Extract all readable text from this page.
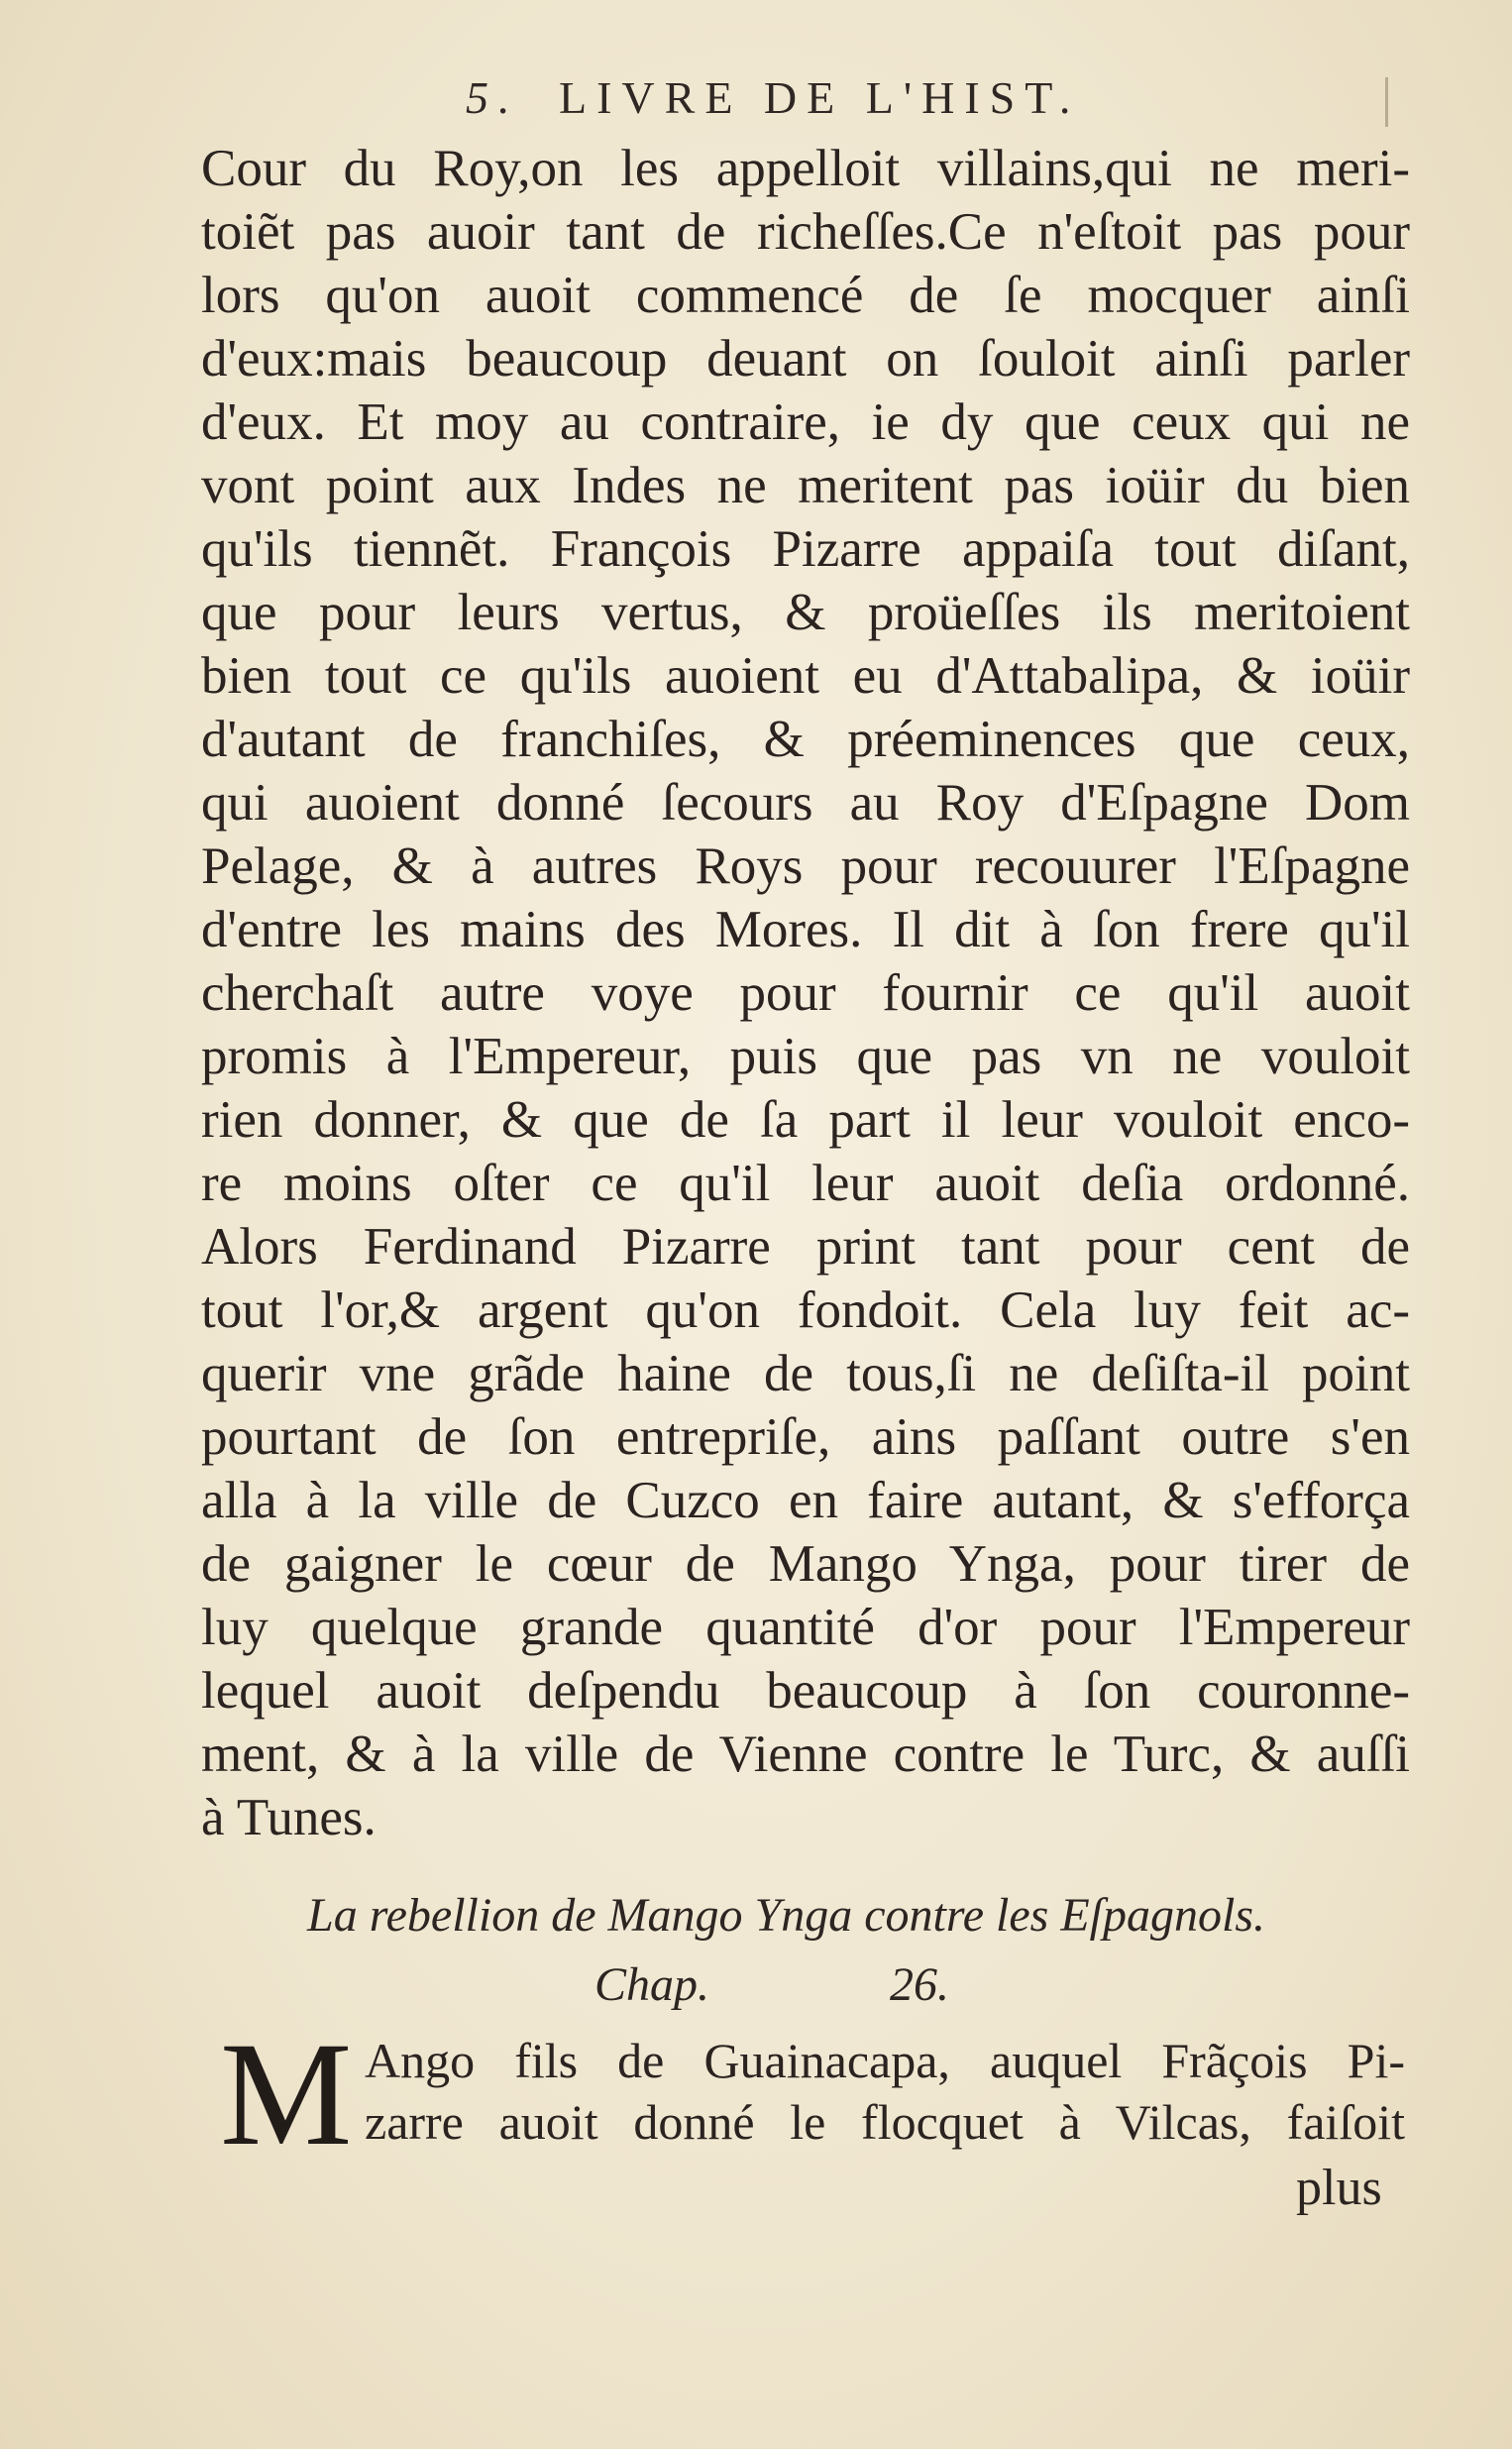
5. LIVRE DE L'HIST.
Cour du Roy,on les appelloit villains,qui ne meri-
toiẽt pas auoir tant de richeſſes.Ce n'eſtoit pas pour
lors qu'on auoit commencé de ſe mocquer ainſi
d'eux:mais beaucoup deuant on ſouloit ainſi parler
d'eux. Et moy au contraire, ie dy que ceux qui ne
vont point aux Indes ne meritent pas ioüir du bien
qu'ils tiennẽt. François Pizarre appaiſa tout diſant,
que pour leurs vertus, & proüeſſes ils meritoient
bien tout ce qu'ils auoient eu d'Attabalipa, & ioüir
d'autant de franchiſes, & préeminences que ceux,
qui auoient donné ſecours au Roy d'Eſpagne Dom
Pelage, & à autres Roys pour recouurer l'Eſpagne
d'entre les mains des Mores. Il dit à ſon frere qu'il
cherchaſt autre voye pour fournir ce qu'il auoit
promis à l'Empereur, puis que pas vn ne vouloit
rien donner, & que de ſa part il leur vouloit enco-
re moins oſter ce qu'il leur auoit deſia ordonné.
Alors Ferdinand Pizarre print tant pour cent de
tout l'or,& argent qu'on fondoit. Cela luy feit ac-
querir vne grãde haine de tous,ſi ne deſiſta-il point
pourtant de ſon entrepriſe, ains paſſant outre s'en
alla à la ville de Cuzco en faire autant, & s'efforça
de gaigner le cœur de Mango Ynga, pour tirer de
luy quelque grande quantité d'or pour l'Empereur
lequel auoit deſpendu beaucoup à ſon couronne-
ment, & à la ville de Vienne contre le Turc, & auſſi
à Tunes.
La rebellion de Mango Ynga contre les Eſpagnols.
Chap.	26.
M Ango fils de Guainacapa, auquel Frãçois Pi-
zarre auoit donné le flocquet à Vilcas, faiſoit
plus
